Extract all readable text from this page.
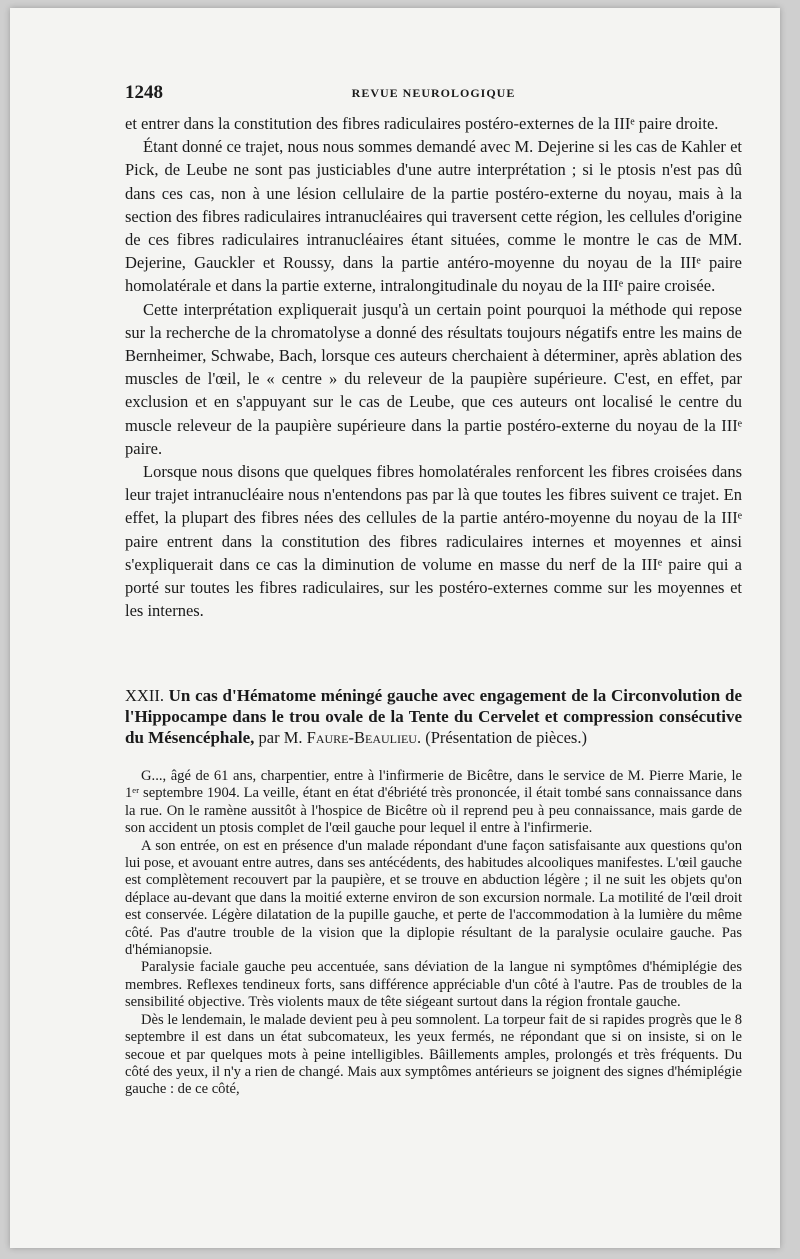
1248	REVUE NEUROLOGIQUE

et entrer dans la constitution des fibres radiculaires postéro-externes de la IIIᵉ paire droite.

Étant donné ce trajet, nous nous sommes demandé avec M. Dejerine si les cas de Kahler et Pick, de Leube ne sont pas justiciables d'une autre interprétation ; si le ptosis n'est pas dû dans ces cas, non à une lésion cellulaire de la partie postéro-externe du noyau, mais à la section des fibres radiculaires intranucléaires qui traversent cette région, les cellules d'origine de ces fibres radiculaires intranucléaires étant situées, comme le montre le cas de MM. Dejerine, Gauckler et Roussy, dans la partie antéro-moyenne du noyau de la IIIᵉ paire homolatérale et dans la partie externe, intralongitudinale du noyau de la IIIᵉ paire croisée.

Cette interprétation expliquerait jusqu'à un certain point pourquoi la méthode qui repose sur la recherche de la chromatolyse a donné des résultats toujours négatifs entre les mains de Bernheimer, Schwabe, Bach, lorsque ces auteurs cherchaient à déterminer, après ablation des muscles de l'œil, le « centre » du releveur de la paupière supérieure. C'est, en effet, par exclusion et en s'appuyant sur le cas de Leube, que ces auteurs ont localisé le centre du muscle releveur de la paupière supérieure dans la partie postéro-externe du noyau de la IIIᵉ paire.

Lorsque nous disons que quelques fibres homolatérales renforcent les fibres croisées dans leur trajet intranucléaire nous n'entendons pas par là que toutes les fibres suivent ce trajet. En effet, la plupart des fibres nées des cellules de la partie antéro-moyenne du noyau de la IIIᵉ paire entrent dans la constitution des fibres radiculaires internes et moyennes et ainsi s'expliquerait dans ce cas la diminution de volume en masse du nerf de la IIIᵉ paire qui a porté sur toutes les fibres radiculaires, sur les postéro-externes comme sur les moyennes et les internes.

XXII. Un cas d'Hématome méningé gauche avec engagement de la Circonvolution de l'Hippocampe dans le trou ovale de la Tente du Cervelet et compression consécutive du Mésencéphale, par M. Faure-Beaulieu. (Présentation de pièces.)

G..., âgé de 61 ans, charpentier, entre à l'infirmerie de Bicêtre, dans le service de M. Pierre Marie, le 1ᵉʳ septembre 1904. La veille, étant en état d'ébriété très prononcée, il était tombé sans connaissance dans la rue. On le ramène aussitôt à l'hospice de Bicêtre où il reprend peu à peu connaissance, mais garde de son accident un ptosis complet de l'œil gauche pour lequel il entre à l'infirmerie.

A son entrée, on est en présence d'un malade répondant d'une façon satisfaisante aux questions qu'on lui pose, et avouant entre autres, dans ses antécédents, des habitudes alcooliques manifestes. L'œil gauche est complètement recouvert par la paupière, et se trouve en abduction légère ; il ne suit les objets qu'on déplace au-devant que dans la moitié externe environ de son excursion normale. La motilité de l'œil droit est conservée. Légère dilatation de la pupille gauche, et perte de l'accommodation à la lumière du même côté. Pas d'autre trouble de la vision que la diplopie résultant de la paralysie oculaire gauche. Pas d'hémianopsie.

Paralysie faciale gauche peu accentuée, sans déviation de la langue ni symptômes d'hémiplégie des membres. Reflexes tendineux forts, sans différence appréciable d'un côté à l'autre. Pas de troubles de la sensibilité objective. Très violents maux de tête siégeant surtout dans la région frontale gauche.

Dès le lendemain, le malade devient peu à peu somnolent. La torpeur fait de si rapides progrès que le 8 septembre il est dans un état subcomateux, les yeux fermés, ne répondant que si on insiste, si on le secoue et par quelques mots à peine intelligibles. Bâillements amples, prolongés et très fréquents. Du côté des yeux, il n'y a rien de changé. Mais aux symptômes antérieurs se joignent des signes d'hémiplégie gauche : de ce côté,
